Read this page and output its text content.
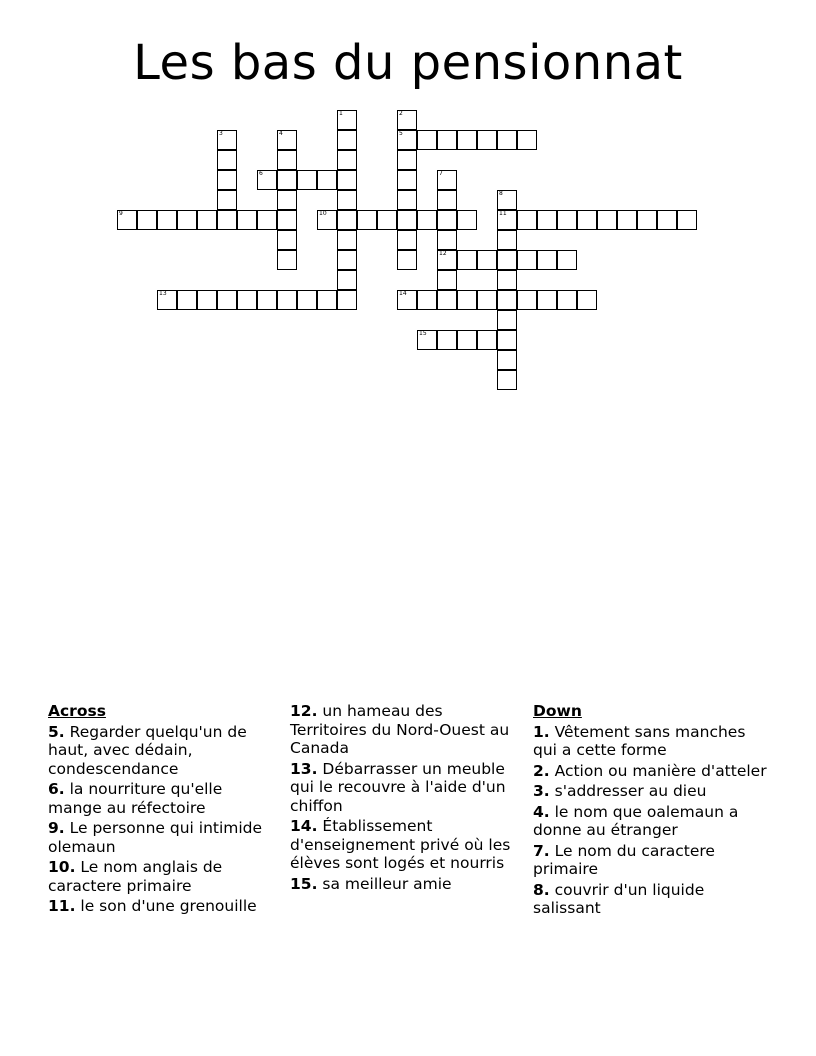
Les bas du pensionnat
1	2
5
3	4
7
12
8
11
6
9	10
13	14
15
Across
5. Regarder quelqu'un de haut, avec dédain, condescendance
6. la nourriture qu'elle mange au réfectoire
9. Le personne qui intimide olemaun
10. Le nom anglais de caractere primaire
11. le son d'une grenouille
12. un hameau des Territoires du Nord-Ouest au Canada
13. Débarrasser un meuble qui le recouvre à l'aide d'un chiffon
14. Établissement d'enseignement privé où les élèves sont logés et nourris
15. sa meilleur amie
Down
1. Vêtement sans manches qui a cette forme
2. Action ou manière d'atteler
3. s'addresser au dieu
4. le nom que oalemaun a donne au étranger
7. Le nom du caractere primaire
8. couvrir d'un liquide salissant
